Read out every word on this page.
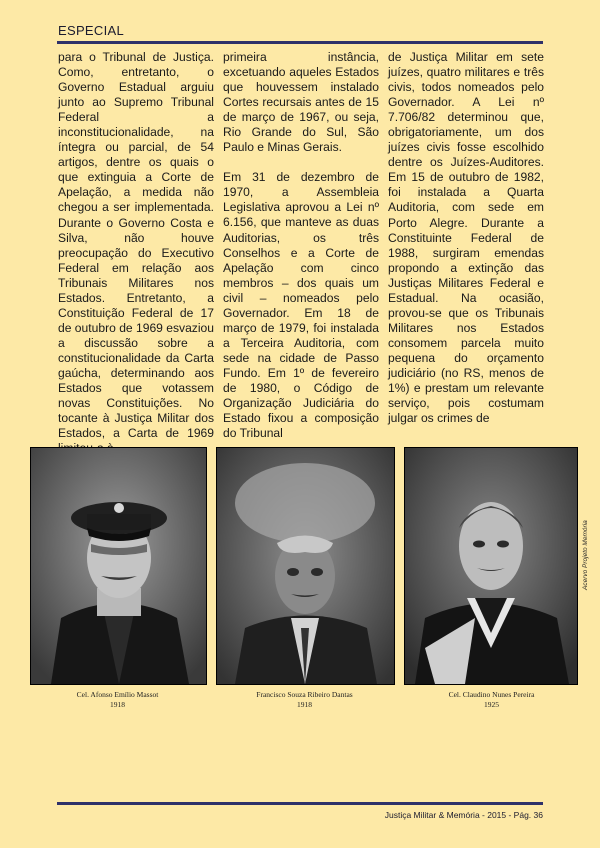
ESPECIAL

para o Tribunal de Justiça. Como, entretanto, o Governo Estadual arguiu junto ao Supremo Tribunal Federal a inconstitucionalidade, na íntegra ou parcial, de 54 artigos, dentre os quais o que extinguia a Corte de Apelação, a medida não chegou a ser implementada. Durante o Governo Costa e Silva, não houve preocupação do Executivo Federal em relação aos Tribunais Militares nos Estados. Entretanto, a Constituição Federal de 17 de outubro de 1969 esvaziou a discussão sobre a constitucionalidade da Carta gaúcha, determinando aos Estados que votassem novas Constituições. No tocante à Justiça Militar dos Estados, a Carta de 1969

primeira instância, excetuando aqueles Estados que houvessem instalado Cortes recursais antes de 15 de março de 1967, ou seja, Rio Grande do Sul, São Paulo e Minas Gerais.

Em 31 de dezembro de 1970, a Assembleia Legislativa aprovou a Lei nº 6.156, que manteve as duas Auditorias, os três Conselhos e a Corte de Apelação com cinco membros – dos quais um civil – nomeados pelo Governador. Em 18 de março de 1979, foi instalada a Terceira Auditoria, com sede na cidade de Passo Fundo. Em 1º de fevereiro de 1980, o Código de Organização Judiciária do Estado fixou a composição do Tribunal

de Justiça Militar em sete juízes, quatro militares e três civis, todos nomeados pelo Governador. A Lei nº 7.706/82 determinou que, obrigatoriamente, um dos juízes civis fosse escolhido dentre os Juízes-Auditores. Em 15 de outubro de 1982, foi instalada a Quarta Auditoria, com sede em Porto Alegre. Durante a Constituinte Federal de 1988, surgiram emendas propondo a extinção das Justiças Militares Federal e Estadual. Na ocasião, provou-se que os Tribunais Militares nos Estados consomem parcela muito pequena do orçamento judiciário (no RS, menos de 1%) e prestam um relevante serviço, pois costumam julgar os crimes de

Acervo Projeto Memória
Cel. Afonso Emílio Massot
1918
Francisco Souza Ribeiro Dantas
1918
Cel. Claudino Nunes Pereira
1925
Justiça Militar & Memória - 2015 - Pág. 36
